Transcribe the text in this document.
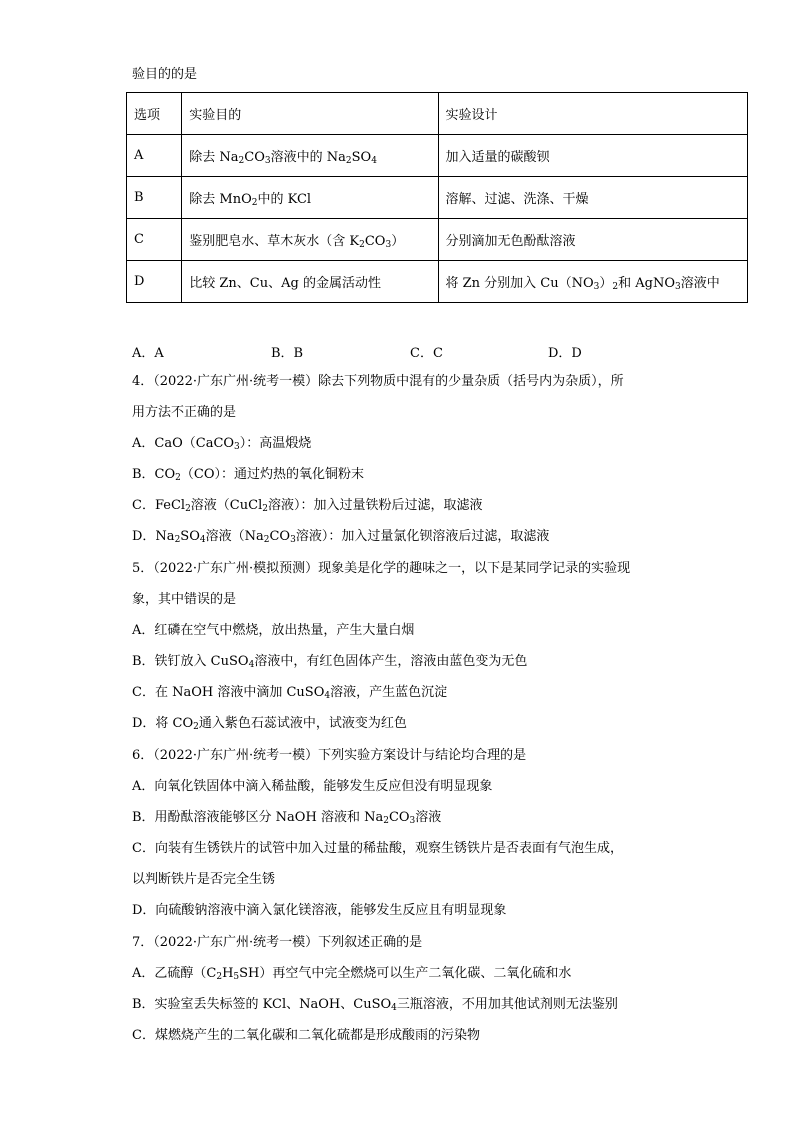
验目的的是
选项	实验目的	实验设计
A	除去 $Na_2CO_3$溶液中的 $Na_2SO_4$	加入适量的碳酸钡
B	除去 MnO$_2$中的 KCl	溶解、过滤、洗涤、干燥
C	鉴别肥皂水、草木灰水（含 $K_2CO_3$）	分别滴加无色酚酞溶液
D	比较 Zn、Cu、Ag 的金属活动性	将 Zn 分别加入 $Cu(NO_3)_2$和 AgNO$_3$溶液中
A．A	B．B	C．C	D．D
4．（2022·广东广州·统考一模）除去下列物质中混有的少量杂质（括号内为杂质），所
用方法不正确的是
A．CaO（CaCO$_3$）：高温煅烧
B．$CO_2(CO)$：通过灼热的氧化铜粉末
C．FeCl$_2$溶液（CuCl$_2$溶液）：加入过量铁粉后过滤，取滤液
D．$Na_2SO_4$溶液（$Na_2CO_3$溶液）：加入过量氯化钡溶液后过滤，取滤液
5．（2022·广东广州·模拟预测）现象美是化学的趣味之一，以下是某同学记录的实验现
象，其中错误的是
A．红磷在空气中燃烧，放出热量，产生大量白烟
B．铁钉放入 CuSO$_4$溶液中，有红色固体产生，溶液由蓝色变为无色
C．在 NaOH 溶液中滴加 CuSO$_4$溶液，产生蓝色沉淀
D．将 $CO_2$通入紫色石蕊试液中，试液变为红色
6．（2022·广东广州·统考一模）下列实验方案设计与结论均合理的是
A．向氧化铁固体中滴入稀盐酸，能够发生反应但没有明显现象
B．用酚酞溶液能够区分 NaOH 溶液和 $Na_2CO_3$溶液
C．向装有生锈铁片的试管中加入过量的稀盐酸，观察生锈铁片是否表面有气泡生成，
以判断铁片是否完全生锈
D．向硫酸钠溶液中滴入氯化镁溶液，能够发生反应且有明显现象
7．（2022·广东广州·统考一模）下列叙述正确的是
A．乙硫醇$(C_2H_5SH)$再空气中完全燃烧可以生产二氧化碳、二氧化硫和水
B．实验室丢失标签的 KCl、NaOH、CuSO$_4$三瓶溶液，不用加其他试剂则无法鉴别
C．煤燃烧产生的二氧化碳和二氧化硫都是形成酸雨的污染物
